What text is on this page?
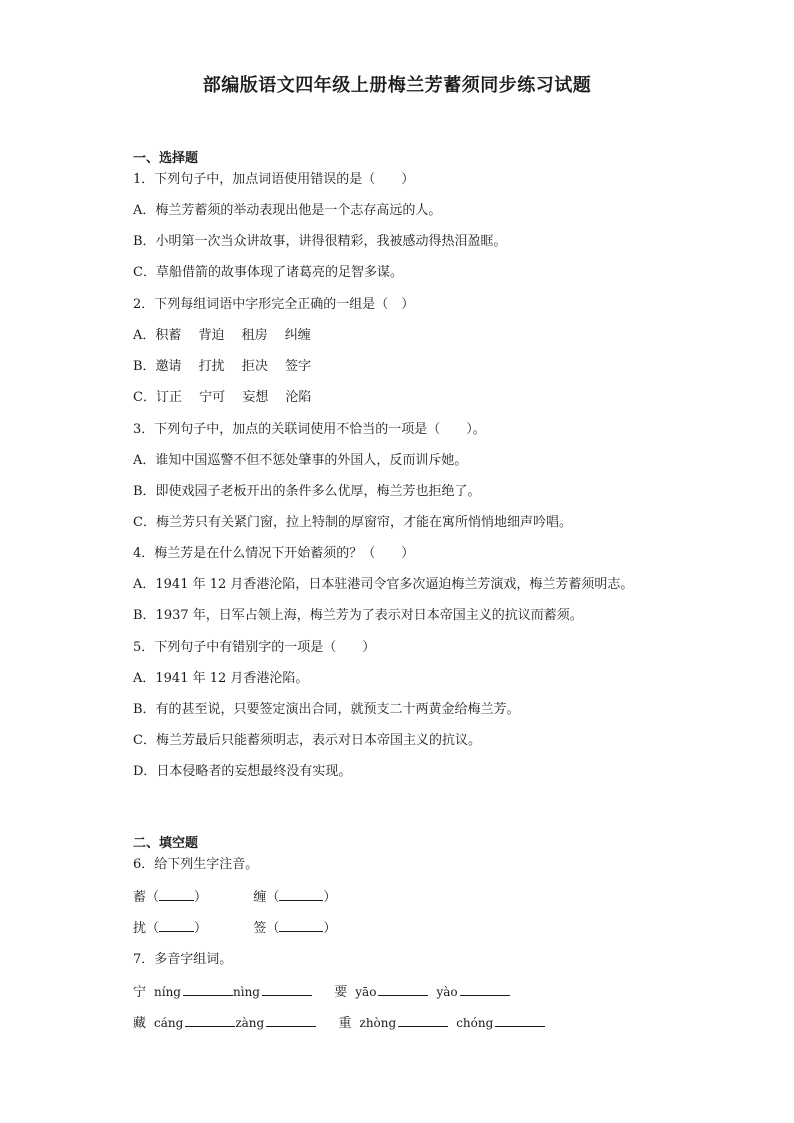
部编版语文四年级上册梅兰芳蓄须同步练习试题
一、选择题
1．下列句子中，加点词语使用错误的是（　　）
A．梅兰芳蓄须的举动表现出他是一个志存高远的人。
B．小明第一次当众讲故事，讲得很精彩，我被感动得热泪盈眶。
C．草船借箭的故事体现了诸葛亮的足智多谋。
2．下列每组词语中字形完全正确的一组是（　）
A．积蓄　 背迫　 租房　 纠缠
B．邀请　 打扰　 拒决　 签字
C．订正　 宁可　 妄想　 沦陷
3．下列句子中，加点的关联词使用不恰当的一项是（　　）。
A．谁知中国巡警不但不惩处肇事的外国人，反而训斥她。
B．即使戏园子老板开出的条件多么优厚，梅兰芳也拒绝了。
C．梅兰芳只有关紧门窗，拉上特制的厚窗帘，才能在寓所悄悄地细声吟唱。
4．梅兰芳是在什么情况下开始蓄须的？（　　）
A．1941 年 12 月香港沦陷，日本驻港司令官多次逼迫梅兰芳演戏，梅兰芳蓄须明志。
B．1937 年，日军占领上海，梅兰芳为了表示对日本帝国主义的抗议而蓄须。
5．下列句子中有错别字的一项是（　　）
A．1941 年 12 月香港沦陷。
B．有的甚至说，只要签定演出合同，就预支二十两黄金给梅兰芳。
C．梅兰芳最后只能蓄须明志，表示对日本帝国主义的抗议。
D．日本侵略者的妄想最终没有实现。
二、填空题
6．给下列生字注音。
蓄（	）	缠（	）
扰（	）	签（	）
7．多音字组词。
宁 níng	nìng	要 yāo	yào
藏 cáng	zàng	重 zhòng	chóng
